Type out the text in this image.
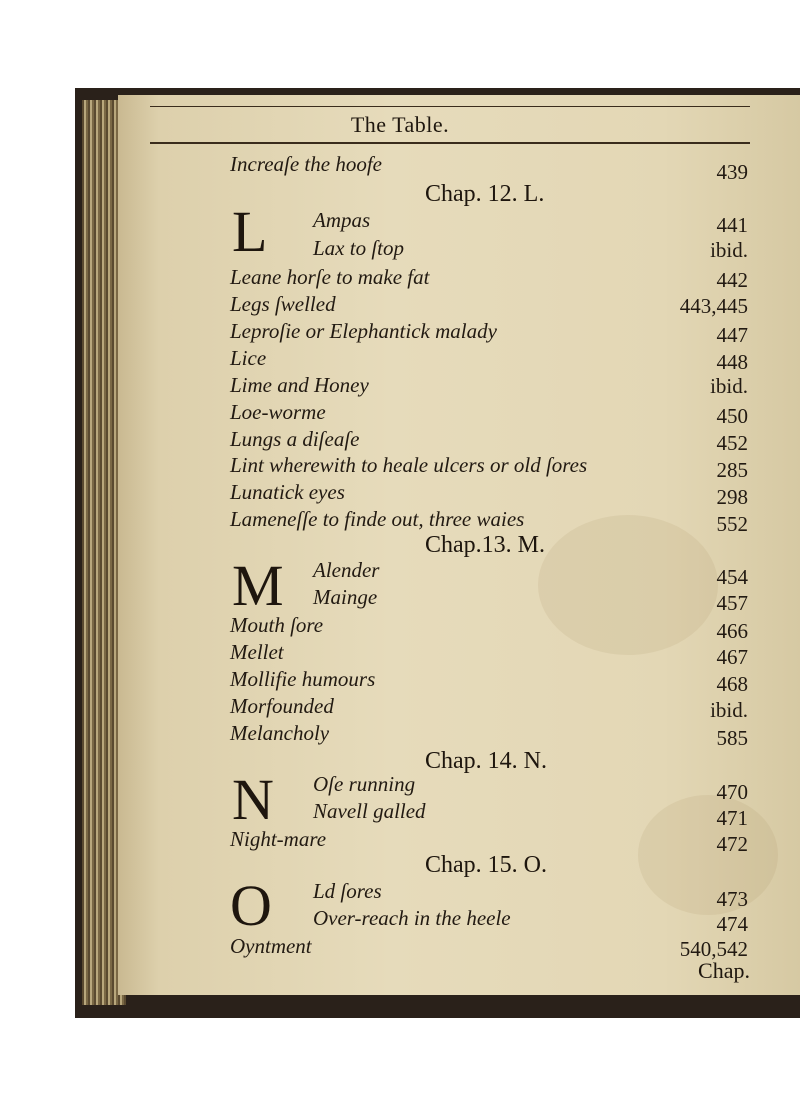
The Table.
Increaſe the hoofe	439
Chap. 12. L.
L Ampas	441
Lax to ſtop	ibid.
Leane horſe to make fat	442
Legs ſwelled	443,445
Leproſie or Elephantick malady	447
Lice	448
Lime and Honey	ibid.
Loe-worme	450
Lungs a diſeaſe	452
Lint wherewith to heale ulcers or old ſores	285
Lunatick eyes	298
Lameneſſe to finde out, three waies	552
Chap.13. M.
M Alender	454
Mainge	457
Mouth ſore	466
Mellet	467
Mollifie humours	468
Morfounded	ibid.
Melancholy	585
Chap. 14. N.
N Oſe running	470
Navell galled	471
Night-mare	472
Chap. 15. O.
O Ld ſores	473
Over-reach in the heele	474
Oyntment	540,542
Chap.
